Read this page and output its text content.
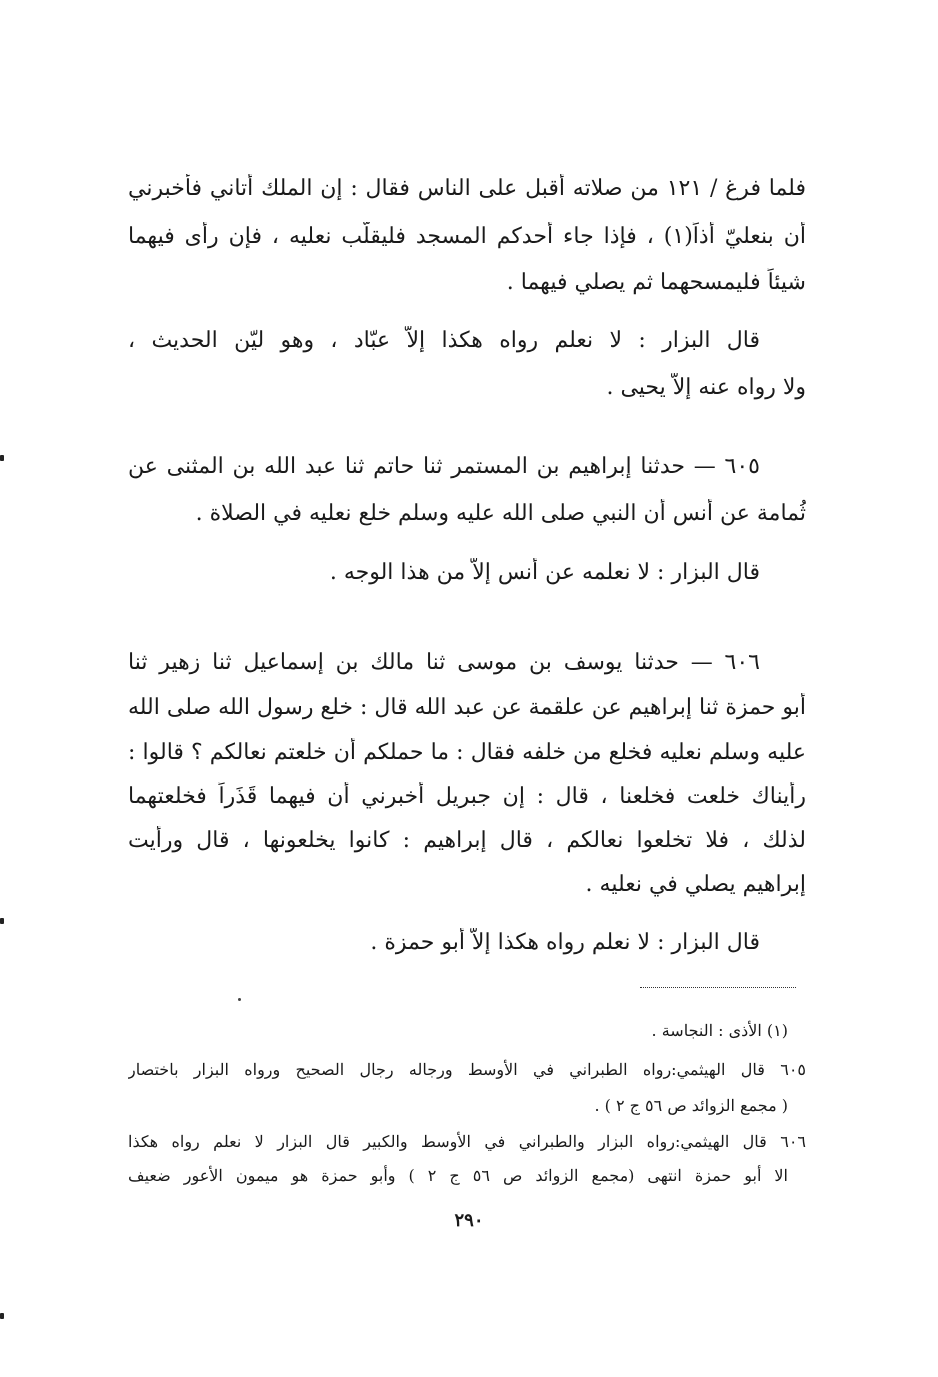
فلما فرغ / ١٢١ من صلاته أقبل على الناس فقال : إن الملك أتاني فأخبرني
أن بنعليّ أذاً(١) ، فإذا جاء أحدكم المسجد فليقلّب نعليه ، فإن رأى فيهما
شيئاً فليمسحهما ثم يصلي فيهما .
قال البزار : لا نعلم رواه هكذا إلاّ عبّاد ، وهو ليّن الحديث ،
ولا رواه عنه إلاّ يحيى .
٦٠٥ — حدثنا إبراهيم بن المستمر ثنا حاتم ثنا عبد الله بن المثنى عن
ثُمامة عن أنس أن النبي صلى الله عليه وسلم خلع نعليه في الصلاة .
قال البزار : لا نعلمه عن أنس إلاّ من هذا الوجه .
٦٠٦ — حدثنا يوسف بن موسى ثنا مالك بن إسماعيل ثنا زهير ثنا
أبو حمزة ثنا إبراهيم عن علقمة عن عبد الله قال : خلع رسول الله صلى الله
عليه وسلم نعليه فخلع من خلفه فقال : ما حملكم أن خلعتم نعالكم ؟ قالوا :
رأيناك خلعت فخلعنا ، قال : إن جبريل أخبرني أن فيهما قَذَراً فخلعتهما
لذلك ، فلا تخلعوا نعالكم ، قال إبراهيم : كانوا يخلعونها ، قال ورأيت
إبراهيم يصلي في نعليه .
قال البزار : لا نعلم رواه هكذا إلاّ أبو حمزة .
(١) الأذى : النجاسة .
٦٠٥ قال الهيثمي:رواه الطبراني في الأوسط ورجاله رجال الصحيح ورواه البزار باختصار
( مجمع الزوائد ص ٥٦ ج ٢ ) .
٦٠٦ قال الهيثمي:رواه البزار والطبراني في الأوسط والكبير قال البزار لا نعلم رواه هكذا
الا أبو حمزة انتهى (مجمع الزوائد ص ٥٦ ج ٢ ) وأبو حمزة هو ميمون الأعور ضعيف
٢٩٠
